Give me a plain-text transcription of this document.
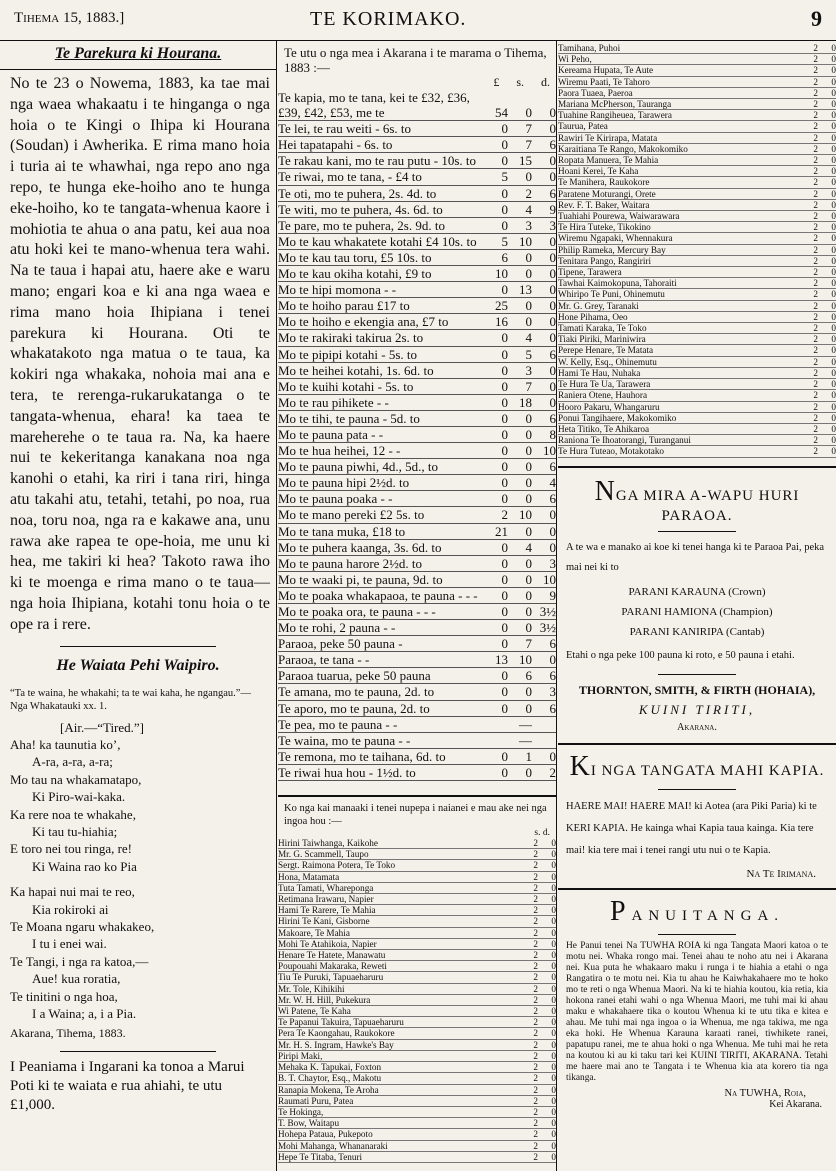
Tihema 15, 1883.]	TE KORIMAKO.	9
Te Parekura ki Hourana.

No te 23 o Nowema, 1883, ka tae mai nga waea whakaatu i te hinganga o nga hoia o te Kingi o Ihipa ki Hourana (Soudan) i Awherika. E rima mano hoia i turia ai te whawhai, nga repo ano nga repo, te hunga eke-hoiho ano te hunga eke-hoiho, ko te tangata-whenua kaore i mohiotia te ahua o ana patu, kei aua noa atu hoki kei te mano-whenua tera wahi. Na te taua i hapai atu, haere ake e waru mano; engari koa e ki ana nga waea e rima mano hoia Ihipiana i tenei parekura ki Hourana. Oti te whakatakoto nga matua o te taua, ka kokiri nga whakaka, nohoia mai ana e tera, te rerenga-rukarukatanga o te tangata-whenua, ehara! ka taea te mareherehe o te taua ra. Na, ka haere nui te kekeritanga kanakana noa nga kanohi o etahi, ka riri i tana riri, hinga atu takahi atu, tetahi, tetahi, po noa, rua noa, toru noa, nga ra e kakawe ana, unu rawa ake rapea te ope-hoia, me unu ki hea, me takiri ki hea? Takoto rawa iho ki te moenga e rima mano o te taua—nga hoia Ihipiana, kotahi tonu hoia o te ope ra i rere.

He Waiata Pehi Waipiro.

“Ta te waina, he whakahi; ta te wai kaha, he ngangau.”—Nga Whakatauki xx. 1.

[Air.—“Tired.”]
Aha! ka taunutia ko’,
A-ra, a-ra, a-ra;
Mo tau na whakamatapo,
Ki Piro-wai-kaka.
Ka rere noa te whakahe,
Ki tau tu-hiahia;
E toro nei tou ringa, re!
Ki Waina rao ko Pia
Ka hapai nui mai te reo,
Kia rokiroki ai
Te Moana ngaru whakakeo,
I tu i enei wai.
Te Tangi, i nga ra katoa,—
Aue! kua roratia,
Te tinitini o nga hoa,
I a Waina; a, i a Pia.

Akarana, Tihema, 1883.

I Peaniama i Ingarani ka tonoa a Marui Poti ki te waiata e rua ahiahi, te utu £1,000.

Te utu o nga mea i Akarana i te marama o Tihema, 1883 :—
£ s. d.
Te kapia, mo te tana, kei te £32, £36, £39, £42, £53, me te	54	0	0
Te lei, te rau weiti - 6s. to	0	7	0
Hei tapatapahi - 6s. to	0	7	6
Te rakau kani, mo te rau putu - 10s. to	0	15	0
Te riwai, mo te tana, - £4 to	5	0	0
Te oti, mo te puhera, 2s. 4d. to	0	2	6
Te witi, mo te puhera, 4s. 6d. to	0	4	9
Te pare, mo te puhera, 2s. 9d. to	0	3	3
Mo te kau whakatete kotahi £4 10s. to	5	10	0
Mo te kau tau toru, £5 10s. to	6	0	0
Mo te kau okiha kotahi, £9 to	10	0	0
Mo te hipi momona - -	0	13	0
Mo te hoiho parau £17 to	25	0	0
Mo te hoiho e ekengia ana, £7 to	16	0	0
Mo te rakiraki takirua 2s. to	0	4	0
Mo te pipipi kotahi - 5s. to	0	5	6
Mo te heihei kotahi, 1s. 6d. to	0	3	0
Mo te kuihi kotahi - 5s. to	0	7	0
Mo te rau pihikete - -	0	18	0
Mo te tihi, te pauna - 5d. to	0	0	6
Mo te pauna pata - -	0	0	8
Mo te hua heihei, 12 - -	0	0	10
Mo te pauna piwhi, 4d., 5d., to	0	0	6
Mo te pauna hipi 2½d. to	0	0	4
Mo te pauna poaka - -	0	0	6
Mo te mano pereki £2 5s. to	2	10	0
Mo te tana muka, £18 to	21	0	0
Mo te puhera kaanga, 3s. 6d. to	0	4	0
Mo te pauna harore 2½d. to	0	0	3
Mo te waaki pi, te pauna, 9d. to	0	0	10
Mo te poaka whakapaoa, te pauna - - -	0	0	9
Mo te poaka ora, te pauna - - -	0	0	3½
Mo te rohi, 2 pauna - -	0	0	3½
Paraoa, peke 50 pauna -	0	7	6
Paraoa, te tana - -	13	10	0
Paraoa tuarua, peke 50 pauna	0	6	6
Te amana, mo te pauna, 2d. to	0	0	3
Te aporo, mo te pauna, 2d. to	0	0	6
Te pea, mo te pauna - -		—	
Te waina, mo te pauna - -		—	
Te remona, mo te taihana, 6d. to	0	1	0
Te riwai hua hou - 1½d. to	0	0	2
Ko nga kai manaaki i tenei nupepa i naianei e mau ake nei nga ingoa hou :—
s. d.
Hirini Taiwhanga, Kaikohe		2	0
Mr. G. Scammell, Taupo		2	0
Sergt. Raimona Potera, Te Toko		2	0
Hona, Matamata		2	0
Tuta Tamati, Whareponga		2	0
Retimana Irawaru, Napier		2	0
Hami Te Rarere, Te Mahia		2	0
Hirini Te Kani, Gisborne		2	0
Makoare, Te Mahia		2	0
Mohi Te Atahikoia, Napier		2	0
Henare Te Hatete, Manawatu		2	0
Poupouahi Makaraka, Reweti		2	0
Tiu Te Puruki, Tapuaeharuru		2	0
Mr. Tole, Kihikihi		2	0
Mr. W. H. Hill, Pukekura		2	0
Wi Patene, Te Kaha		2	0
Te Papanui Takuira, Tapuaeharuru		2	0
Pera Te Kaongahau, Raukokore		2	0
Mr. H. S. Ingram, Hawke's Bay		2	0
Piripi Maki,		2	0
Mehaka K. Tapukai, Foxton		2	0
B. T. Chaytor, Esq., Makotu		2	0
Ranapia Mokena, Te Aroha		2	0
Raumati Puru, Patea		2	0
Te Hokinga,		2	0
T. Bow, Waitapu		2	0
Hohepa Pataua, Pukepoto		2	0
Mohi Mahanga, Whananaraki		2	0
Hepe Te Titaba, Tenuri		2	0
Tamihana, Puhoi		2	0
Wi Peho,		2	0
Kereama Hupata, Te Aute		2	0
Wiremu Paati, Te Tahoro		2	0
Paora Tuaea, Paeroa		2	0
Mariana McPherson, Tauranga		2	0
Tuahine Rangiheuea, Tarawera		2	0
Taurua, Patea		2	0
Rawiri Te Kirirapa, Matata		2	0
Karaitiana Te Rango, Makokomiko		2	0
Ropata Manuera, Te Mahia		2	0
Hoani Kerei, Te Kaha		2	0
Te Manihera, Raukokore		2	0
Paratene Moturangi, Orete		2	0
Rev. F. T. Baker, Waitara		2	0
Tuahiahi Pourewa, Waiwarawara		2	0
Te Hira Tuteke, Tikokino		2	0
Wiremu Ngapaki, Whennakura		2	0
Philip Rameka, Mercury Bay		2	0
Tenitara Pango, Rangiriri		2	0
Tipene, Tarawera		2	0
Tawhai Kaimokopuna, Tahoraiti		2	0
Whiripo Te Puni, Ohinemutu		2	0
Mr. G. Grey, Taranaki		2	0
Hone Pihama, Oeo		2	0
Tamati Karaka, Te Toko		2	0
Tiaki Piriki, Mariniwira		2	0
Perepe Henare, Te Matata		2	0
W. Kelly, Esq., Ohinemutu		2	0
Hami Te Hau, Nuhaka		2	0
Te Hura Te Ua, Tarawera		2	0
Raniera Otene, Hauhora		2	0
Hooro Pakaru, Whangaruru		2	0
Ponui Tangihaere, Makokomiko		2	0
Heta Titiko, Te Ahikaroa		2	0
Raniona Te Ihoatorangi, Turanganui		2	0
Te Hura Tuteao, Motakotako		2	0
NGA MIRA A-WAPU HURI PARAOA.
A te wa e manako ai koe ki tenei hanga ki te Paraoa Pai, peka mai nei ki to
PARANI KARAUNA (Crown)
PARANI HAMIONA (Champion)
PARANI KANIRIPA (Cantab)
Etahi o nga peke 100 pauna ki roto, e 50 pauna i etahi.
THORNTON, SMITH, & FIRTH (HOHAIA),
KUINI TIRITI,
Akarana.
KI NGA TANGATA MAHI KAPIA.
HAERE MAI! HAERE MAI! ki Aotea (ara Piki Paria) ki te KERI KAPIA. He kainga whai Kapia taua kainga. Kia tere mai! kia tere mai i tenei rangi utu nui o te Kapia.
Na Te Irimana.
PANUITANGA.
He Panui tenei Na TUWHA ROIA ki nga Tangata Maori katoa o te motu nei. Whaka rongo mai. Tenei ahau te noho atu nei i Akarana nei. Kua puta he whakaaro maku i runga i te hiahia a etahi o nga Rangatira o te motu nei. Kia tu ahau he Kaiwhakahaere mo te hoko mo te reti o nga Whenua Maori. Na ki te hiahia koutou, kia retia, kia hokona ranei etahi wahi o nga Whenua Maori, me tuhi mai ki ahau maku e whakahaere tika o koutou Whenua ki te utu tika e kitea e ahau. Me tuhi mai nga ingoa o ia Whenua, me nga takiwa, me nga eka hoki. He Whenua Karauna karaati ranei, tiwhikete ranei, papatupu ranei, me te ahua hoki o nga Whenua. Me tuhi mai he reta na koutou ki au ki taku tari kei KUINI TIRITI, AKARANA. Tetahi me haere mai ano te Tangata i te Whenua kia ata korero tia nga tikanga.
Na TUWHA, Roia,
Kei Akarana.
